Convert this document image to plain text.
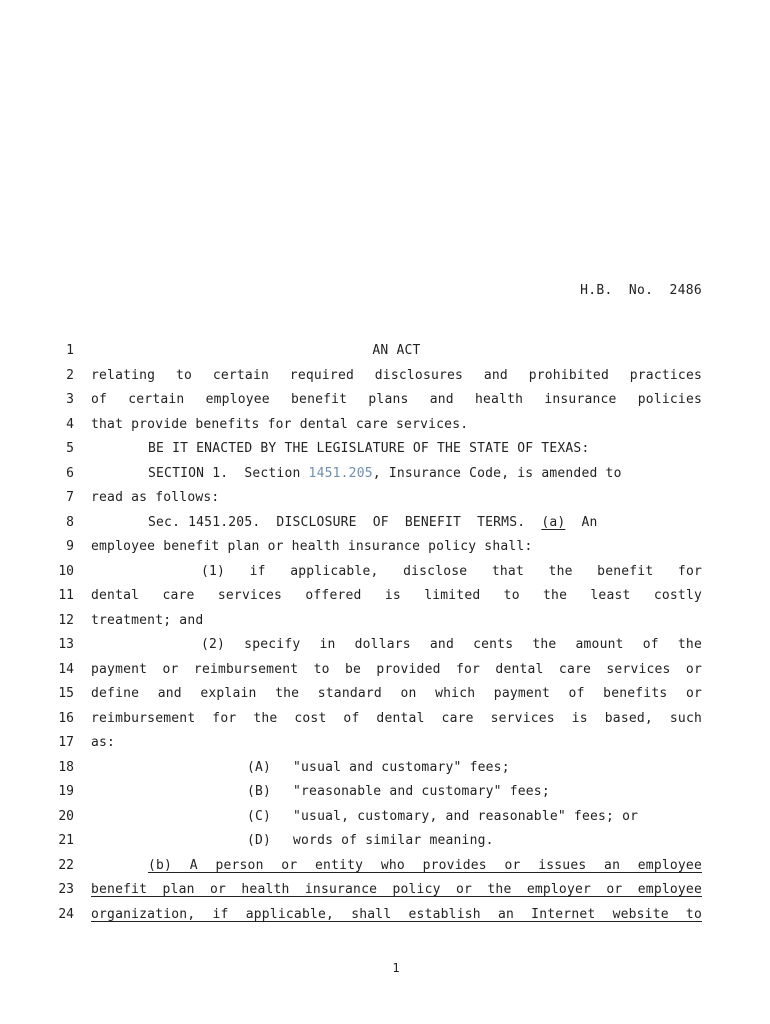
H.B.  No.  2486
1	AN ACT
2 relating to certain required disclosures and prohibited practices
3 of certain employee benefit plans and health insurance policies
4 that provide benefits for dental care services.
5	BE IT ENACTED BY THE LEGISLATURE OF THE STATE OF TEXAS:
6	SECTION 1.  Section 1451.205, Insurance Code, is amended to
7 read as follows:
8	Sec. 1451.205.  DISCLOSURE  OF  BENEFIT  TERMS.  (a)  An
9 employee benefit plan or health insurance policy shall:
10	(1) if applicable, disclose that the benefit for
11 dental care services offered is limited to the least costly
12 treatment; and
13	(2) specify in dollars and cents the amount of the
14 payment or reimbursement to be provided for dental care services or
15 define and explain the standard on which payment of benefits or
16 reimbursement for the cost of dental care services is based, such
17 as:
18	(A) "usual and customary" fees;
19	(B) "reasonable and customary" fees;
20	(C) "usual, customary, and reasonable" fees; or
21	(D) words of similar meaning.
22	(b) A person or entity who provides or issues an employee
23 benefit plan or health insurance policy or the employer or employee
24 organization, if applicable, shall establish an Internet website to
1
